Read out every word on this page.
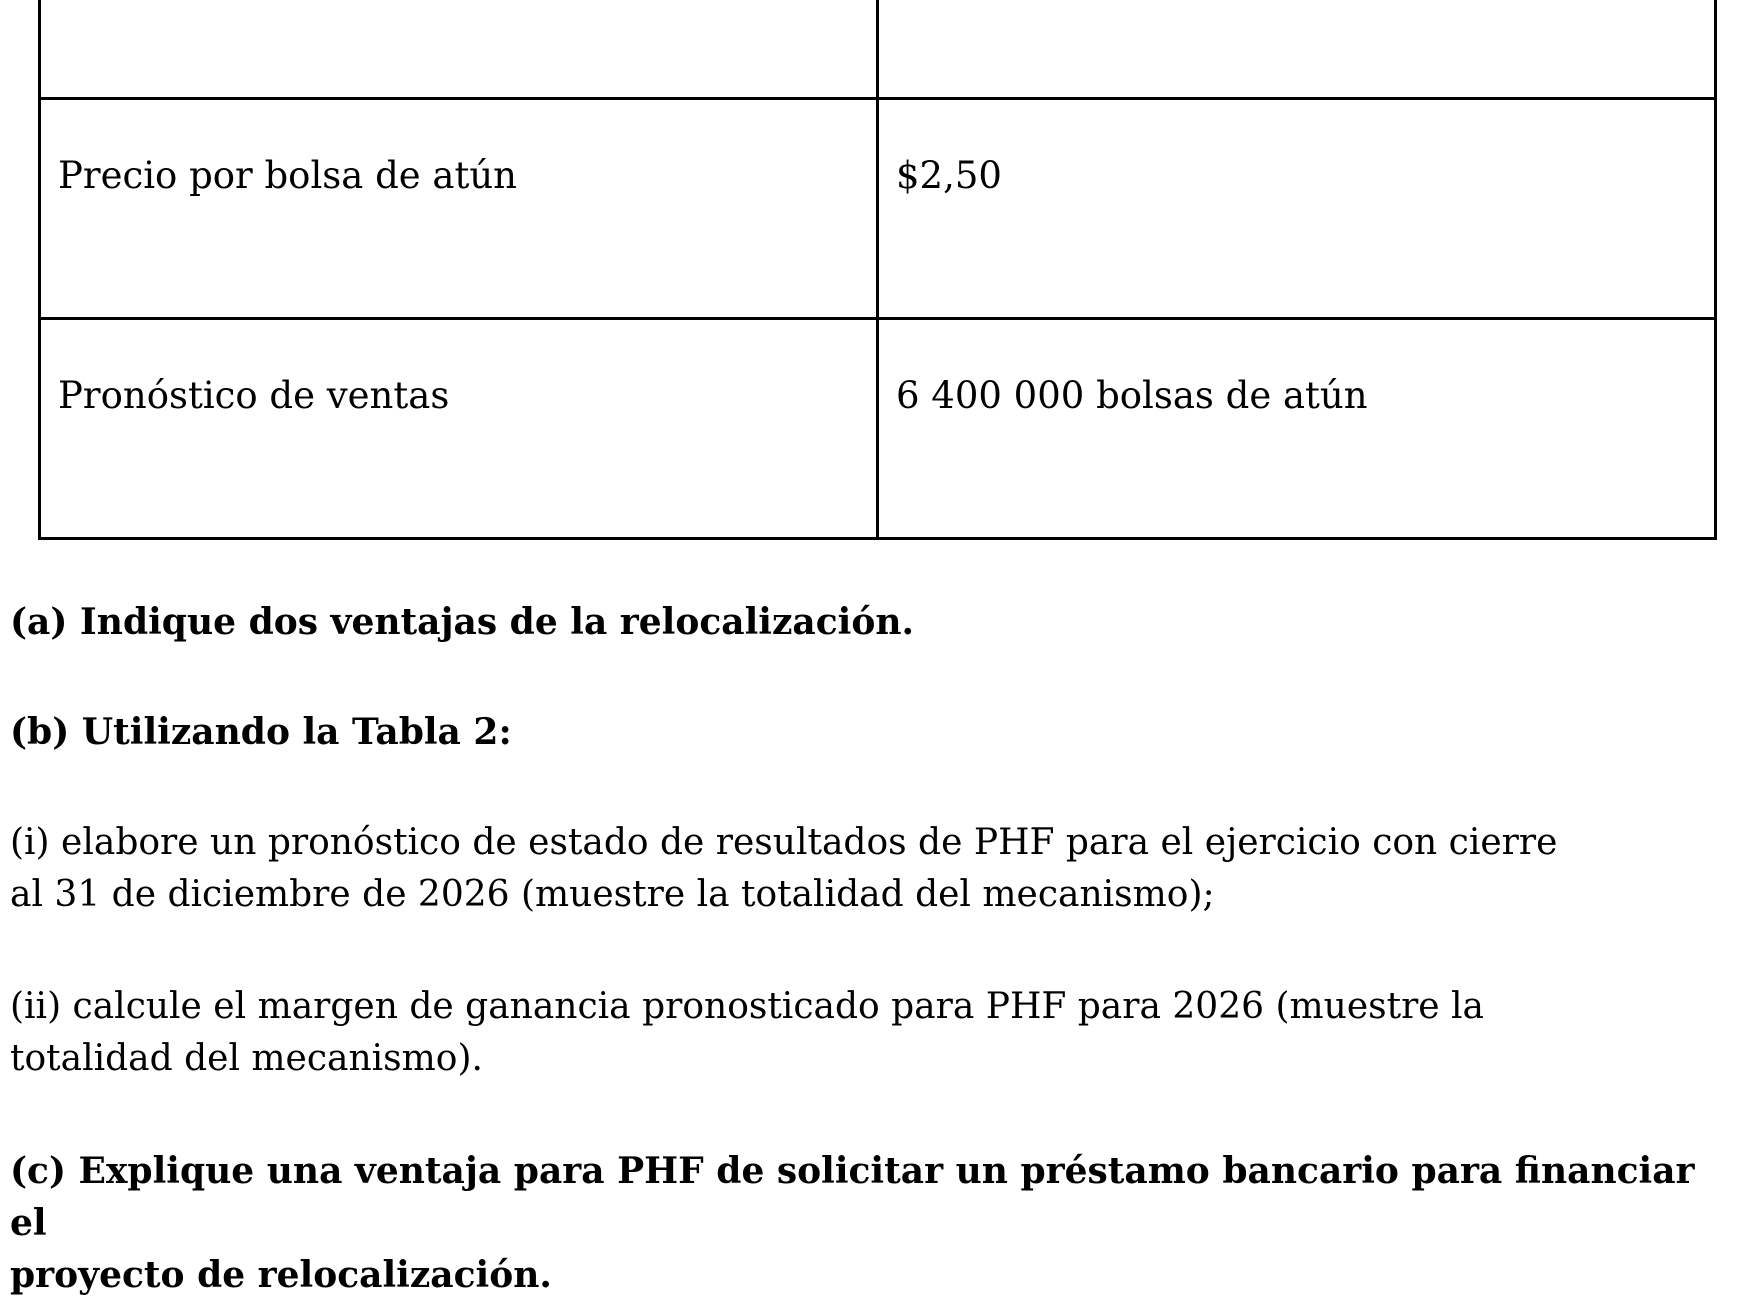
Precio por bolsa de atún	$2,50

Pronóstico de ventas	6 400 000 bolsas de atún

(a) Indique dos ventajas de la relocalización.

(b) Utilizando la Tabla 2:

(i) elabore un pronóstico de estado de resultados de PHF para el ejercicio con cierre
al 31 de diciembre de 2026 (muestre la totalidad del mecanismo);
(ii) calcule el margen de ganancia pronosticado para PHF para 2026 (muestre la
totalidad del mecanismo).
(c) Explique una ventaja para PHF de solicitar un préstamo bancario para financiar el
proyecto de relocalización.
